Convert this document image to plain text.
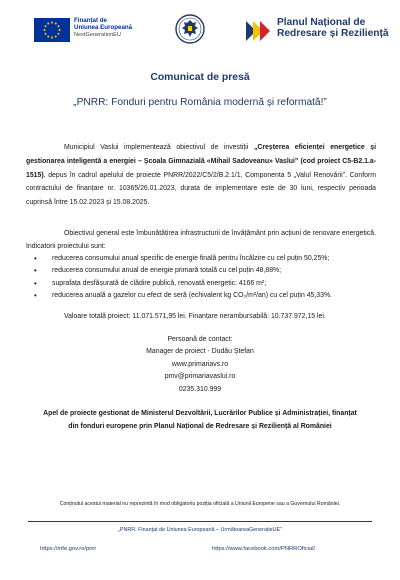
Finanțat de
Uniunea Europeană
NextGenerationEU
Planul Național de
Redresare și Reziliență
Comunicat de presă
„PNRR: Fonduri pentru România modernă și reformată!”

Municipiul Vaslui implementează obiectivul de investiții „Creșterea eficienței energetice și gestionarea inteligentă a energiei – Școala Gimnazială «Mihail Sadoveanu» Vaslui” (cod proiect C5-B2.1.a-1515), depus în cadrul apelului de proiecte PNRR/2022/C5/2/B.2.1/1, Componenta 5 „Valul Renovării”. Conform contractului de finanțare nr. 10365/26.01.2023, durata de implementare este de 30 luni, respectiv perioada cuprinsă între 15.02.2023 și 15.08.2025.

Obiectivul general este îmbunătățirea infrastructurii de învățământ prin acțiuni de renovare energetică. Indicatorii proiectului sunt:

• reducerea consumului anual specific de energie finală pentru încălzire cu cel puțin 50,25%;
• reducerea consumului anual de energie primară totală cu cel puțin 48,88%;
• suprafața desfășurată de clădire publică, renovată energetic: 4166 m²;
• reducerea anuală a gazelor cu efect de seră (echivalent kg CO₂/m²/an) cu cel puțin 45,33%.

Valoare totală proiect: 11.071.571,95 lei. Finanțare nerambursabilă: 10.737.972,15 lei.

Persoană de contact:
Manager de proiect - Dudău Ștefan
www.primariavs.ro
pmv@primariavaslui.ro
0235.310.999
Apel de proiecte gestionat de Ministerul Dezvoltării, Lucrărilor Publice și Administrației, finanțat
din fonduri europene prin Planul Național de Redresare și Reziliență al României
Conținutul acestui material nu reprezintă în mod obligatoriu poziția oficială a Uniunii Europene sau a Guvernului României.
„PNRR. Finanțat de Uniunea Europeană – UrmătoareaGenerațieUE”
https://mfe.gov.ro/pnrr	https://www.facebook.com/PNRROficial/
